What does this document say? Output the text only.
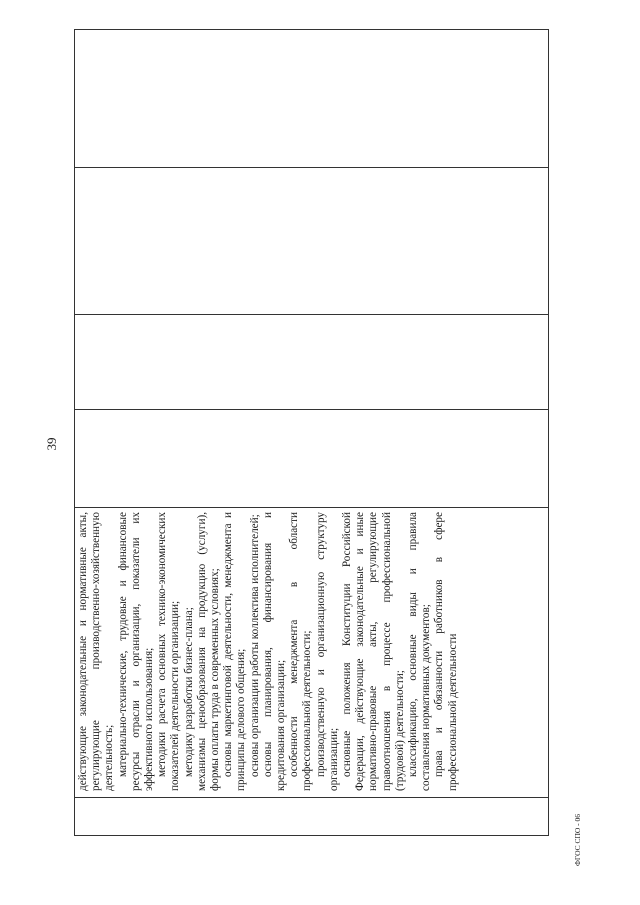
39
действующие законодательные и нормативные акты, регулирующие производственно-хозяйственную деятельность; материально-технические, трудовые и финансовые ресурсы отрасли и организации, показатели их эффективного использования; методики расчета основных технико-экономических показателей деятельности организации; методику разработки бизнес-плана; механизмы ценообразования на продукцию (услуги), формы оплаты труда в современных условиях; основы маркетинговой деятельности, менеджмента и принципы делового общения; основы организации работы коллектива исполнителей; основы планирования, финансирования и кредитования организации; особенности менеджмента в области профессиональной деятельности; производственную и организационную структуру организации; основные положения Конституции Российской Федерации, действующие законодательные и иные нормативно-правовые акты, регулирующие правоотношения в процессе профессиональной (трудовой) деятельности; классификацию, основные виды и правила составления нормативных документов; права и обязанности работников в сфере профессиональной деятельности
ФГОС СПО - 06
